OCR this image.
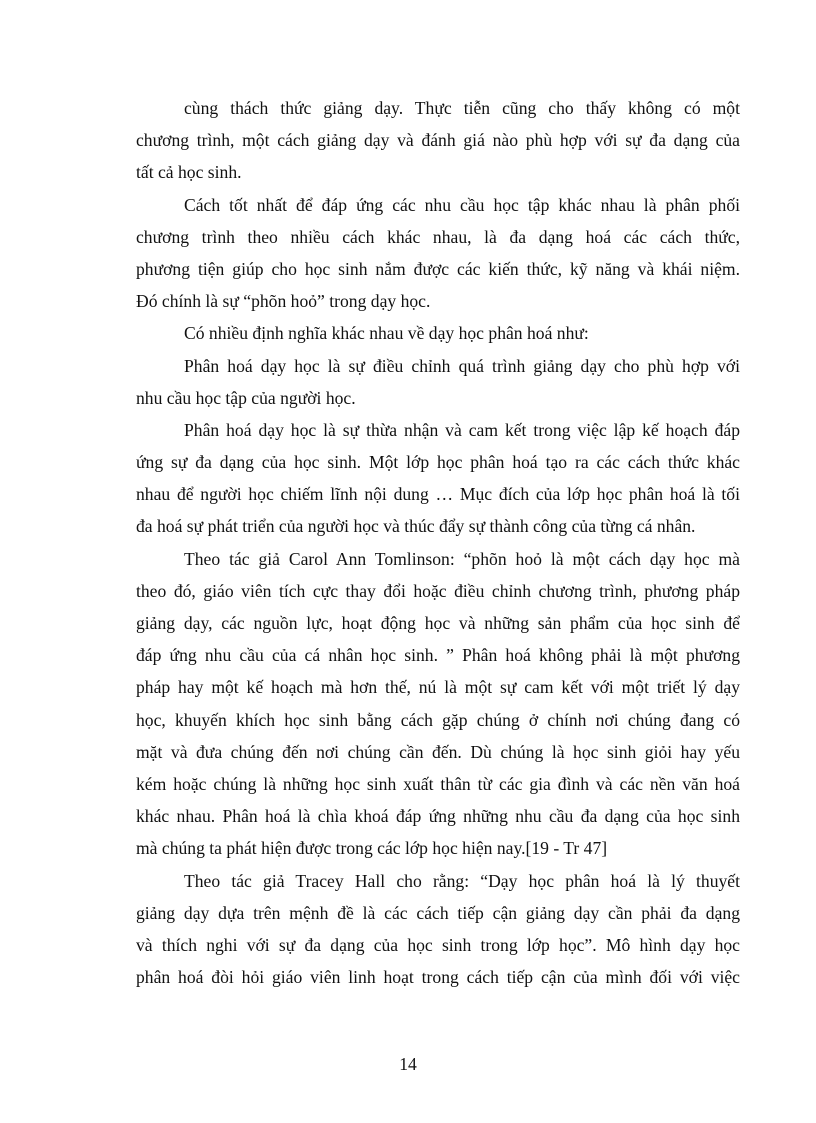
cùng thách thức giảng dạy. Thực tiễn cũng cho thấy không có một
chương trình, một cách giảng dạy và đánh giá nào phù hợp với sự đa dạng của
tất cả học sinh.

Cách tốt nhất để đáp ứng các nhu cầu học tập khác nhau là phân phối
chương trình theo nhiều cách khác nhau, là đa dạng hoá các cách thức,
phương tiện giúp cho học sinh nắm được các kiến thức, kỹ năng và khái niệm.
Đó chính là sự “phõn hoỏ” trong dạy học.

Có nhiều định nghĩa khác nhau về dạy học phân hoá như:

Phân hoá dạy học là sự điều chỉnh quá trình giảng dạy cho phù hợp với
nhu cầu học tập của người học.

Phân hoá dạy học là sự thừa nhận và cam kết trong việc lập kế hoạch đáp
ứng sự đa dạng của học sinh. Một lớp học phân hoá tạo ra các cách thức khác
nhau để người học chiếm lĩnh nội dung … Mục đích của lớp học phân hoá là tối
đa hoá sự phát triển của người học và thúc đẩy sự thành công của từng cá nhân.

Theo tác giả Carol Ann Tomlinson: “phõn hoỏ là một cách dạy học mà
theo đó, giáo viên tích cực thay đổi hoặc điều chỉnh chương trình, phương pháp
giảng dạy, các nguồn lực, hoạt động học và những sản phẩm của học sinh để
đáp ứng nhu cầu của cá nhân học sinh. ” Phân hoá không phải là một phương
pháp hay một kế hoạch mà hơn thế, nú là một sự cam kết với một triết lý dạy
học, khuyến khích học sinh bằng cách gặp chúng ở chính nơi chúng đang có
mặt và đưa chúng đến nơi chúng cần đến. Dù chúng là học sinh giỏi hay yếu
kém hoặc chúng là những học sinh xuất thân từ các gia đình và các nền văn hoá
khác nhau. Phân hoá là chìa khoá đáp ứng những nhu cầu đa dạng của học sinh
mà chúng ta phát hiện được trong các lớp học hiện nay.[19 - Tr 47]

Theo tác giả Tracey Hall cho rằng: “Dạy học phân hoá là lý thuyết
giảng dạy dựa trên mệnh đề là các cách tiếp cận giảng dạy cần phải đa dạng
và thích nghi với sự đa dạng của học sinh trong lớp học”. Mô hình dạy học
phân hoá đòi hỏi giáo viên linh hoạt trong cách tiếp cận của mình đối với việc

14
